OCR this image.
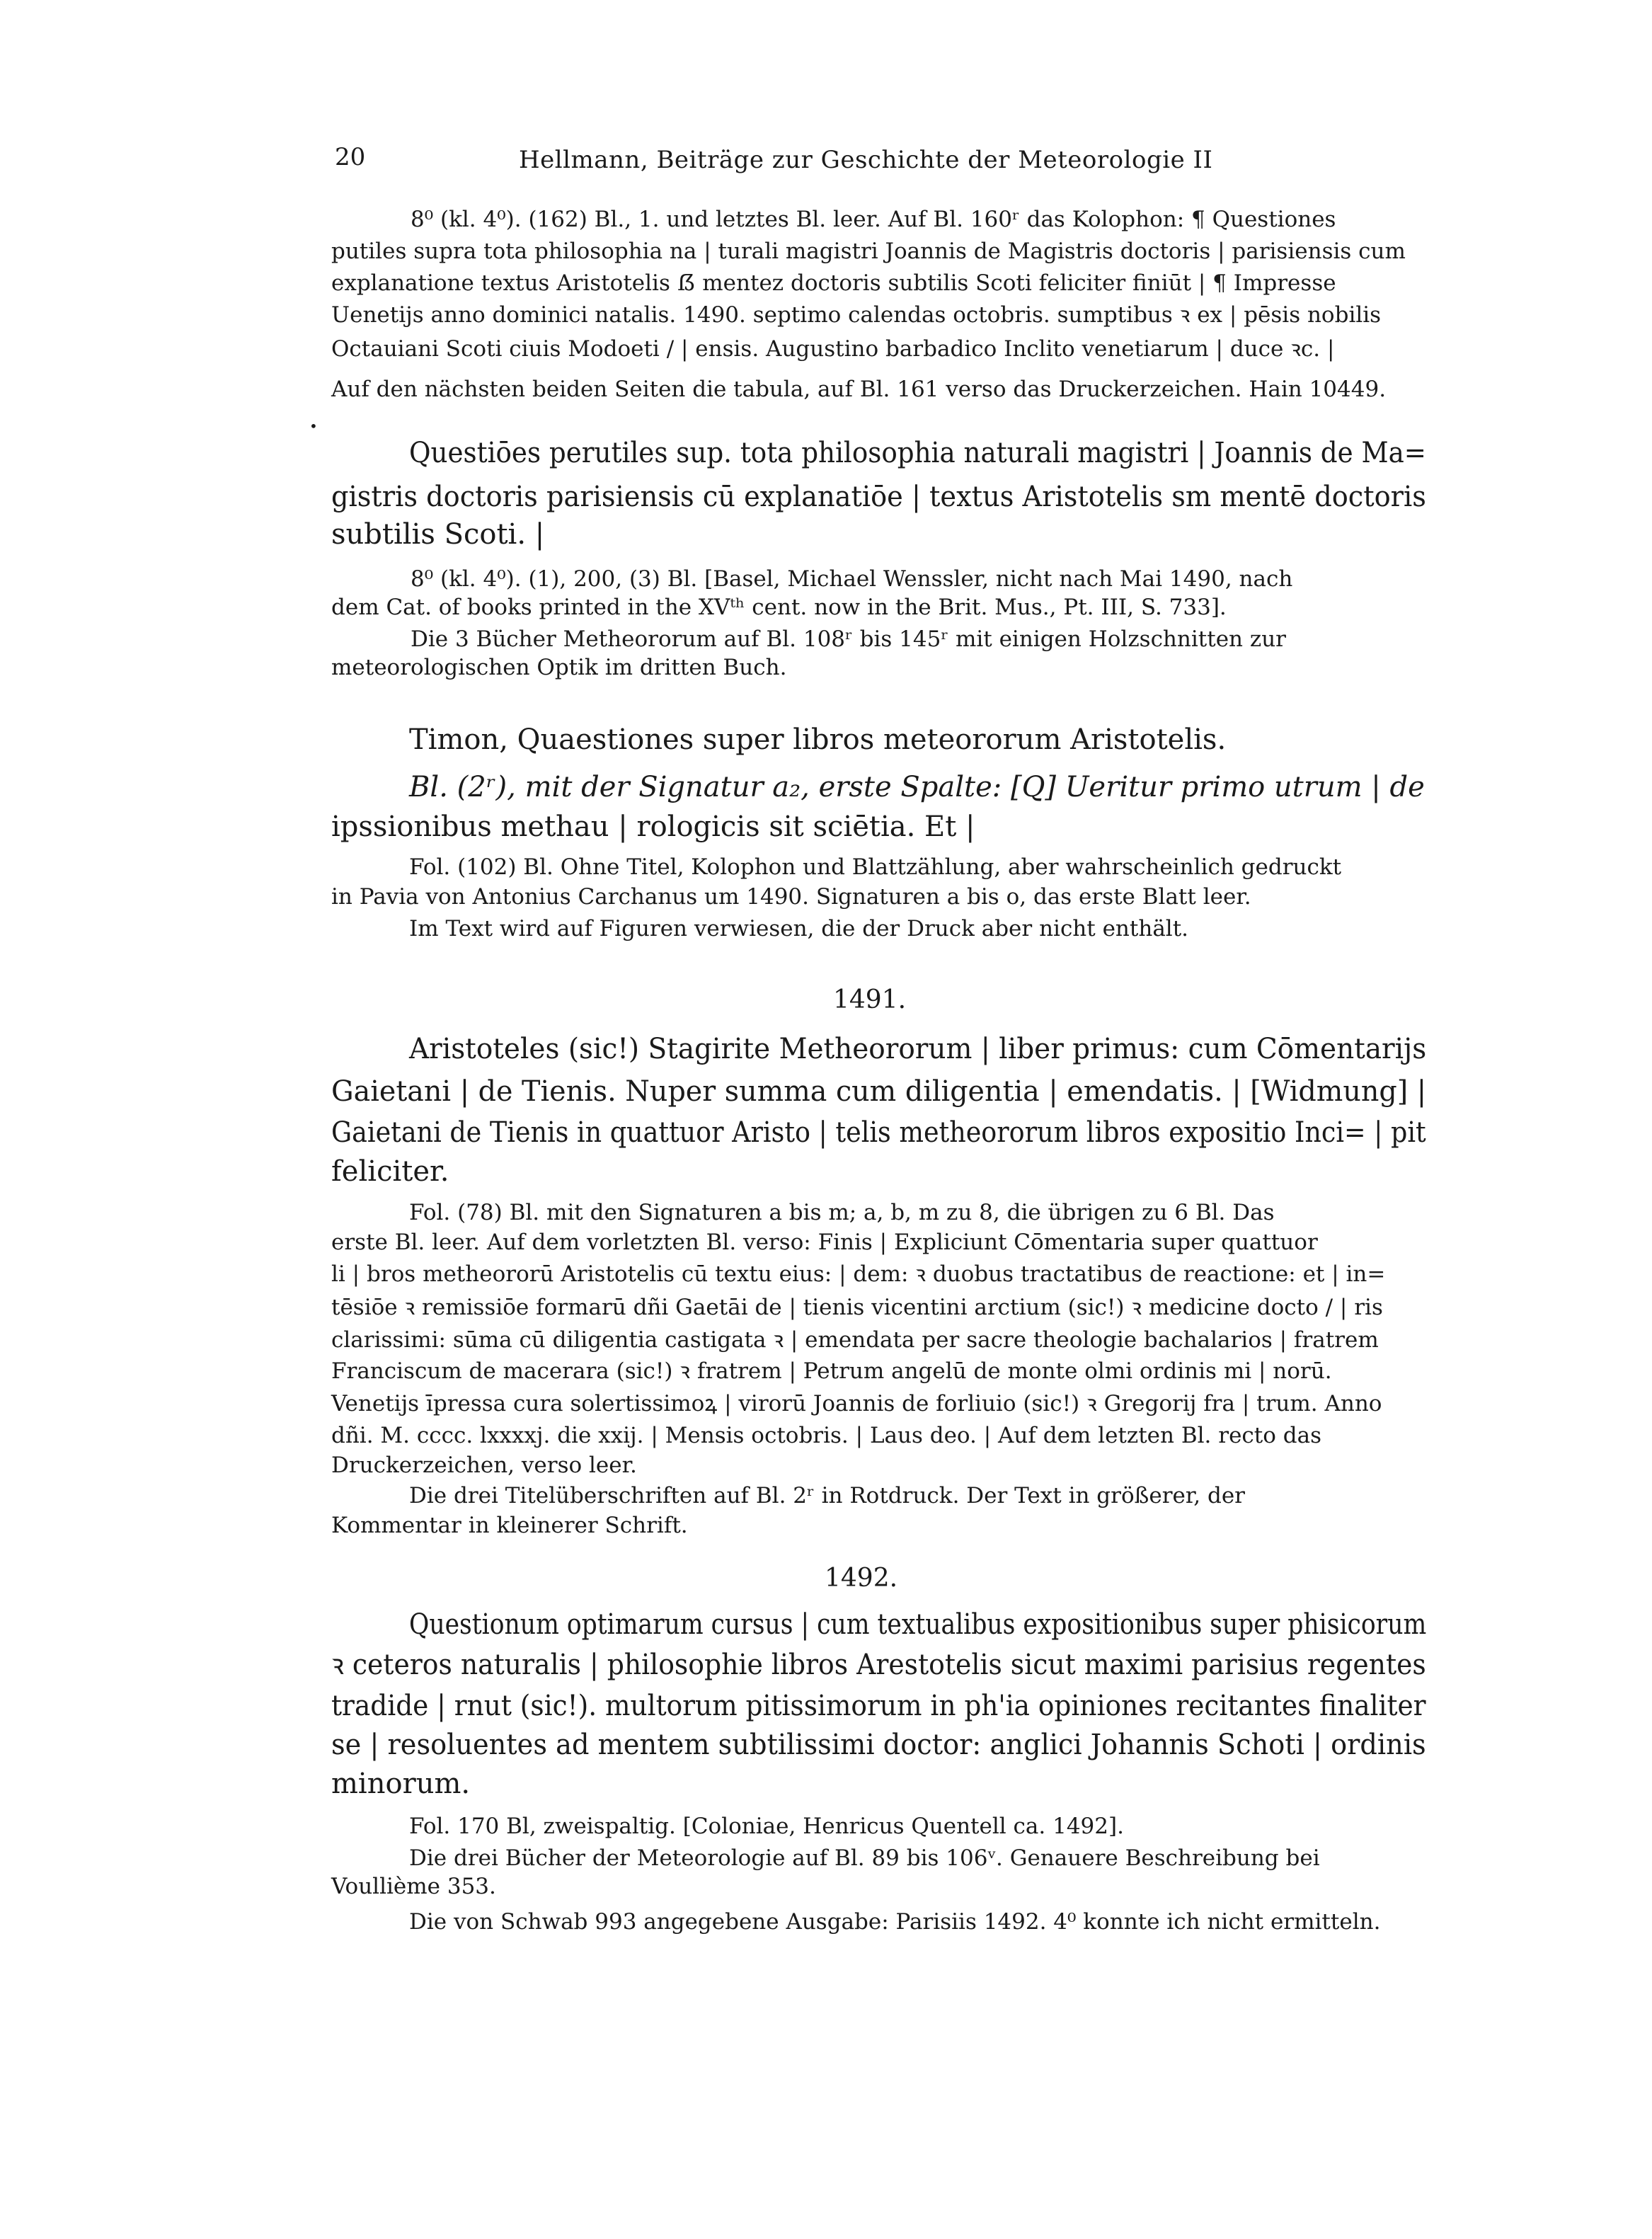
20	Hellmann, Beiträge zur Geschichte der Meteorologie II
8⁰ (kl. 4⁰). (162) Bl., 1. und letztes Bl. leer. Auf Bl. 160ʳ das Kolophon: ¶ Questiones
putiles supra tota philosophia na | turali magistri Joannis de Magistris doctoris | parisiensis cum
explanatione textus Aristotelis ẞ mentez doctoris subtilis Scoti feliciter finiūt | ¶ Impresse
Uenetijs anno dominici natalis. 1490. septimo calendas octobris. sumptibus ꝛ ex | pēsis nobilis
Octauiani Scoti ciuis Modoeti / | ensis. Augustino barbadico Inclito venetiarum | duce ꝛc. |
Auf den nächsten beiden Seiten die tabula, auf Bl. 161 verso das Druckerzeichen. Hain 10449.
•
Questiōes perutiles sup. tota philosophia naturali magistri | Joannis de Ma=
gistris doctoris parisiensis cū explanatiōe | textus Aristotelis sm mentē doctoris
subtilis Scoti. |
8⁰ (kl. 4⁰). (1), 200, (3) Bl. [Basel, Michael Wenssler, nicht nach Mai 1490, nach
dem Cat. of books printed in the XVᵗʰ cent. now in the Brit. Mus., Pt. III, S. 733].
Die 3 Bücher Metheororum auf Bl. 108ʳ bis 145ʳ mit einigen Holzschnitten zur
meteorologischen Optik im dritten Buch.
Timon, Quaestiones super libros meteororum Aristotelis.
Bl. (2ʳ), mit der Signatur a₂, erste Spalte: [Q] Ueritur primo utrum | de
ipssionibus methau | rologicis sit sciētia. Et |
Fol. (102) Bl. Ohne Titel, Kolophon und Blattzählung, aber wahrscheinlich gedruckt
in Pavia von Antonius Carchanus um 1490. Signaturen a bis o, das erste Blatt leer.
Im Text wird auf Figuren verwiesen, die der Druck aber nicht enthält.
1491.
Aristoteles (sic!) Stagirite Metheororum | liber primus: cum Cōmentarijs
Gaietani | de Tienis. Nuper summa cum diligentia | emendatis. | [Widmung] |
Gaietani de Tienis in quattuor Aristo | telis metheororum libros expositio Inci= | pit
feliciter.
Fol. (78) Bl. mit den Signaturen a bis m; a, b, m zu 8, die übrigen zu 6 Bl. Das
erste Bl. leer. Auf dem vorletzten Bl. verso: Finis | Expliciunt Cōmentaria super quattuor
li | bros metheororū Aristotelis cū textu eius: | dem: ꝛ duobus tractatibus de reactione: et | in=
tēsiōe ꝛ remissiōe formarū dñi Gaetāi de | tienis vicentini arctium (sic!) ꝛ medicine docto / | ris
clarissimi: sūma cū diligentia castigata ꝛ | emendata per sacre theologie bachalarios | fratrem
Franciscum de macerara (sic!) ꝛ fratrem | Petrum angelū de monte olmi ordinis mi | norū.
Venetijs īpressa cura solertissimoꝝ | virorū Joannis de forliuio (sic!) ꝛ Gregorij fra | trum. Anno
dñi. M. cccc. lxxxxj. die xxij. | Mensis octobris. | Laus deo. | Auf dem letzten Bl. recto das
Druckerzeichen, verso leer.
Die drei Titelüberschriften auf Bl. 2ʳ in Rotdruck. Der Text in größerer, der
Kommentar in kleinerer Schrift.
1492.
Questionum optimarum cursus | cum textualibus expositionibus super phisicorum
ꝛ ceteros naturalis | philosophie libros Arestotelis sicut maximi parisius regentes
tradide | rnut (sic!). multorum pitissimorum in ph'ia opiniones recitantes finaliter
se | resoluentes ad mentem subtilissimi doctor: anglici Johannis Schoti | ordinis
minorum.
Fol. 170 Bl, zweispaltig. [Coloniae, Henricus Quentell ca. 1492].
Die drei Bücher der Meteorologie auf Bl. 89 bis 106ᵛ. Genauere Beschreibung bei
Voullième 353.
Die von Schwab 993 angegebene Ausgabe: Parisiis 1492. 4⁰ konnte ich nicht ermitteln.
